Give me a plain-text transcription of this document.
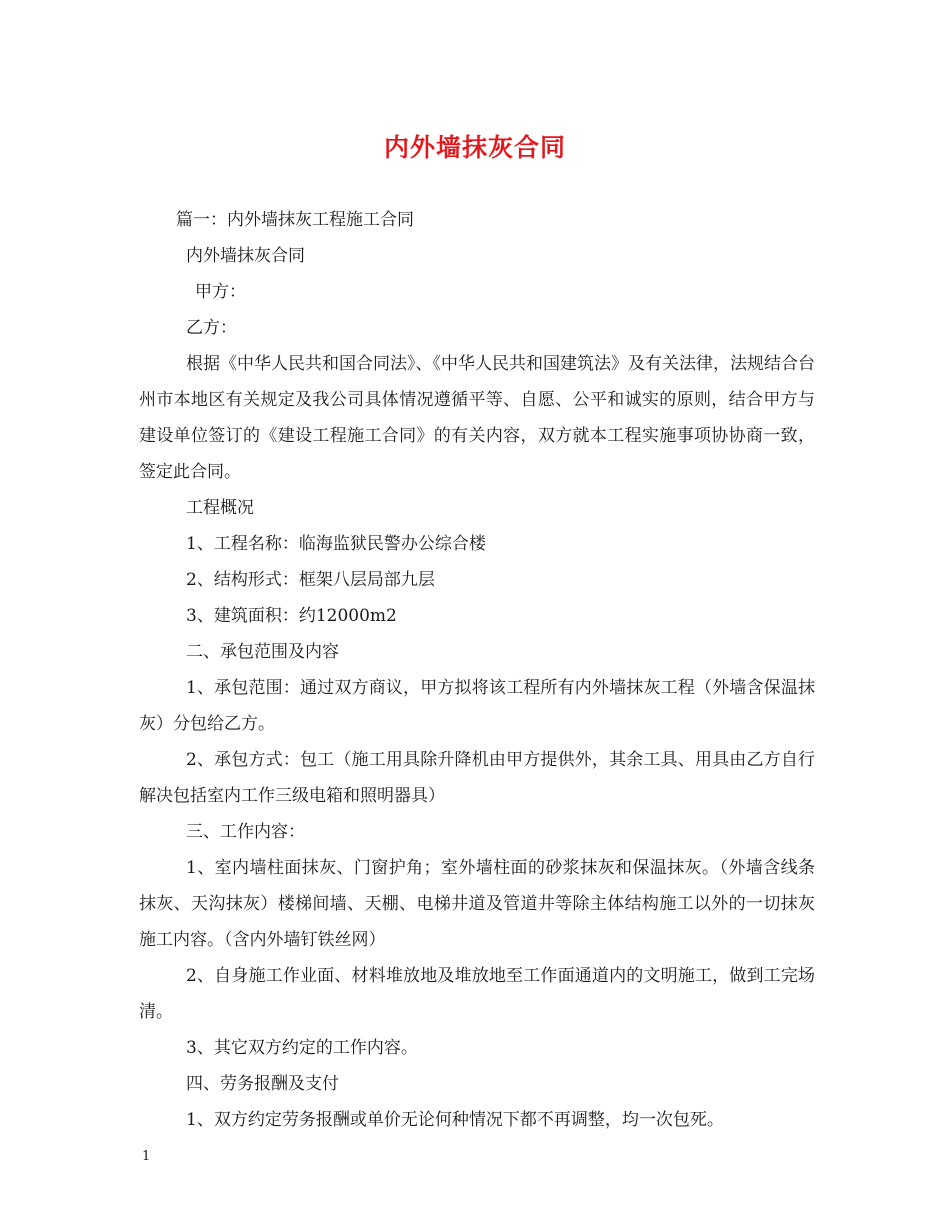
内外墙抹灰合同

篇一：内外墙抹灰工程施工合同

内外墙抹灰合同

甲方：

乙方：

根据《中华人民共和国合同法》、《中华人民共和国建筑法》及有关法律，法规结合台州市本地区有关规定及我公司具体情况遵循平等、自愿、公平和诚实的原则，结合甲方与建设单位签订的《建设工程施工合同》的有关内容，双方就本工程实施事项协协商一致，签定此合同。

工程概况

1、工程名称：临海监狱民警办公综合楼

2、结构形式：框架八层局部九层

3、建筑面积：约12000m2

二、承包范围及内容

1、承包范围：通过双方商议，甲方拟将该工程所有内外墙抹灰工程（外墙含保温抹灰）分包给乙方。

2、承包方式：包工（施工用具除升降机由甲方提供外，其余工具、用具由乙方自行解决包括室内工作三级电箱和照明器具）

三、工作内容：

1、室内墙柱面抹灰、门窗护角；室外墙柱面的砂浆抹灰和保温抹灰。（外墙含线条抹灰、天沟抹灰）楼梯间墙、天棚、电梯井道及管道井等除主体结构施工以外的一切抹灰施工内容。（含内外墙钉铁丝网）

2、自身施工作业面、材料堆放地及堆放地至工作面通道内的文明施工，做到工完场清。

3、其它双方约定的工作内容。

四、劳务报酬及支付

1、双方约定劳务报酬或单价无论何种情况下都不再调整，均一次包死。

1
